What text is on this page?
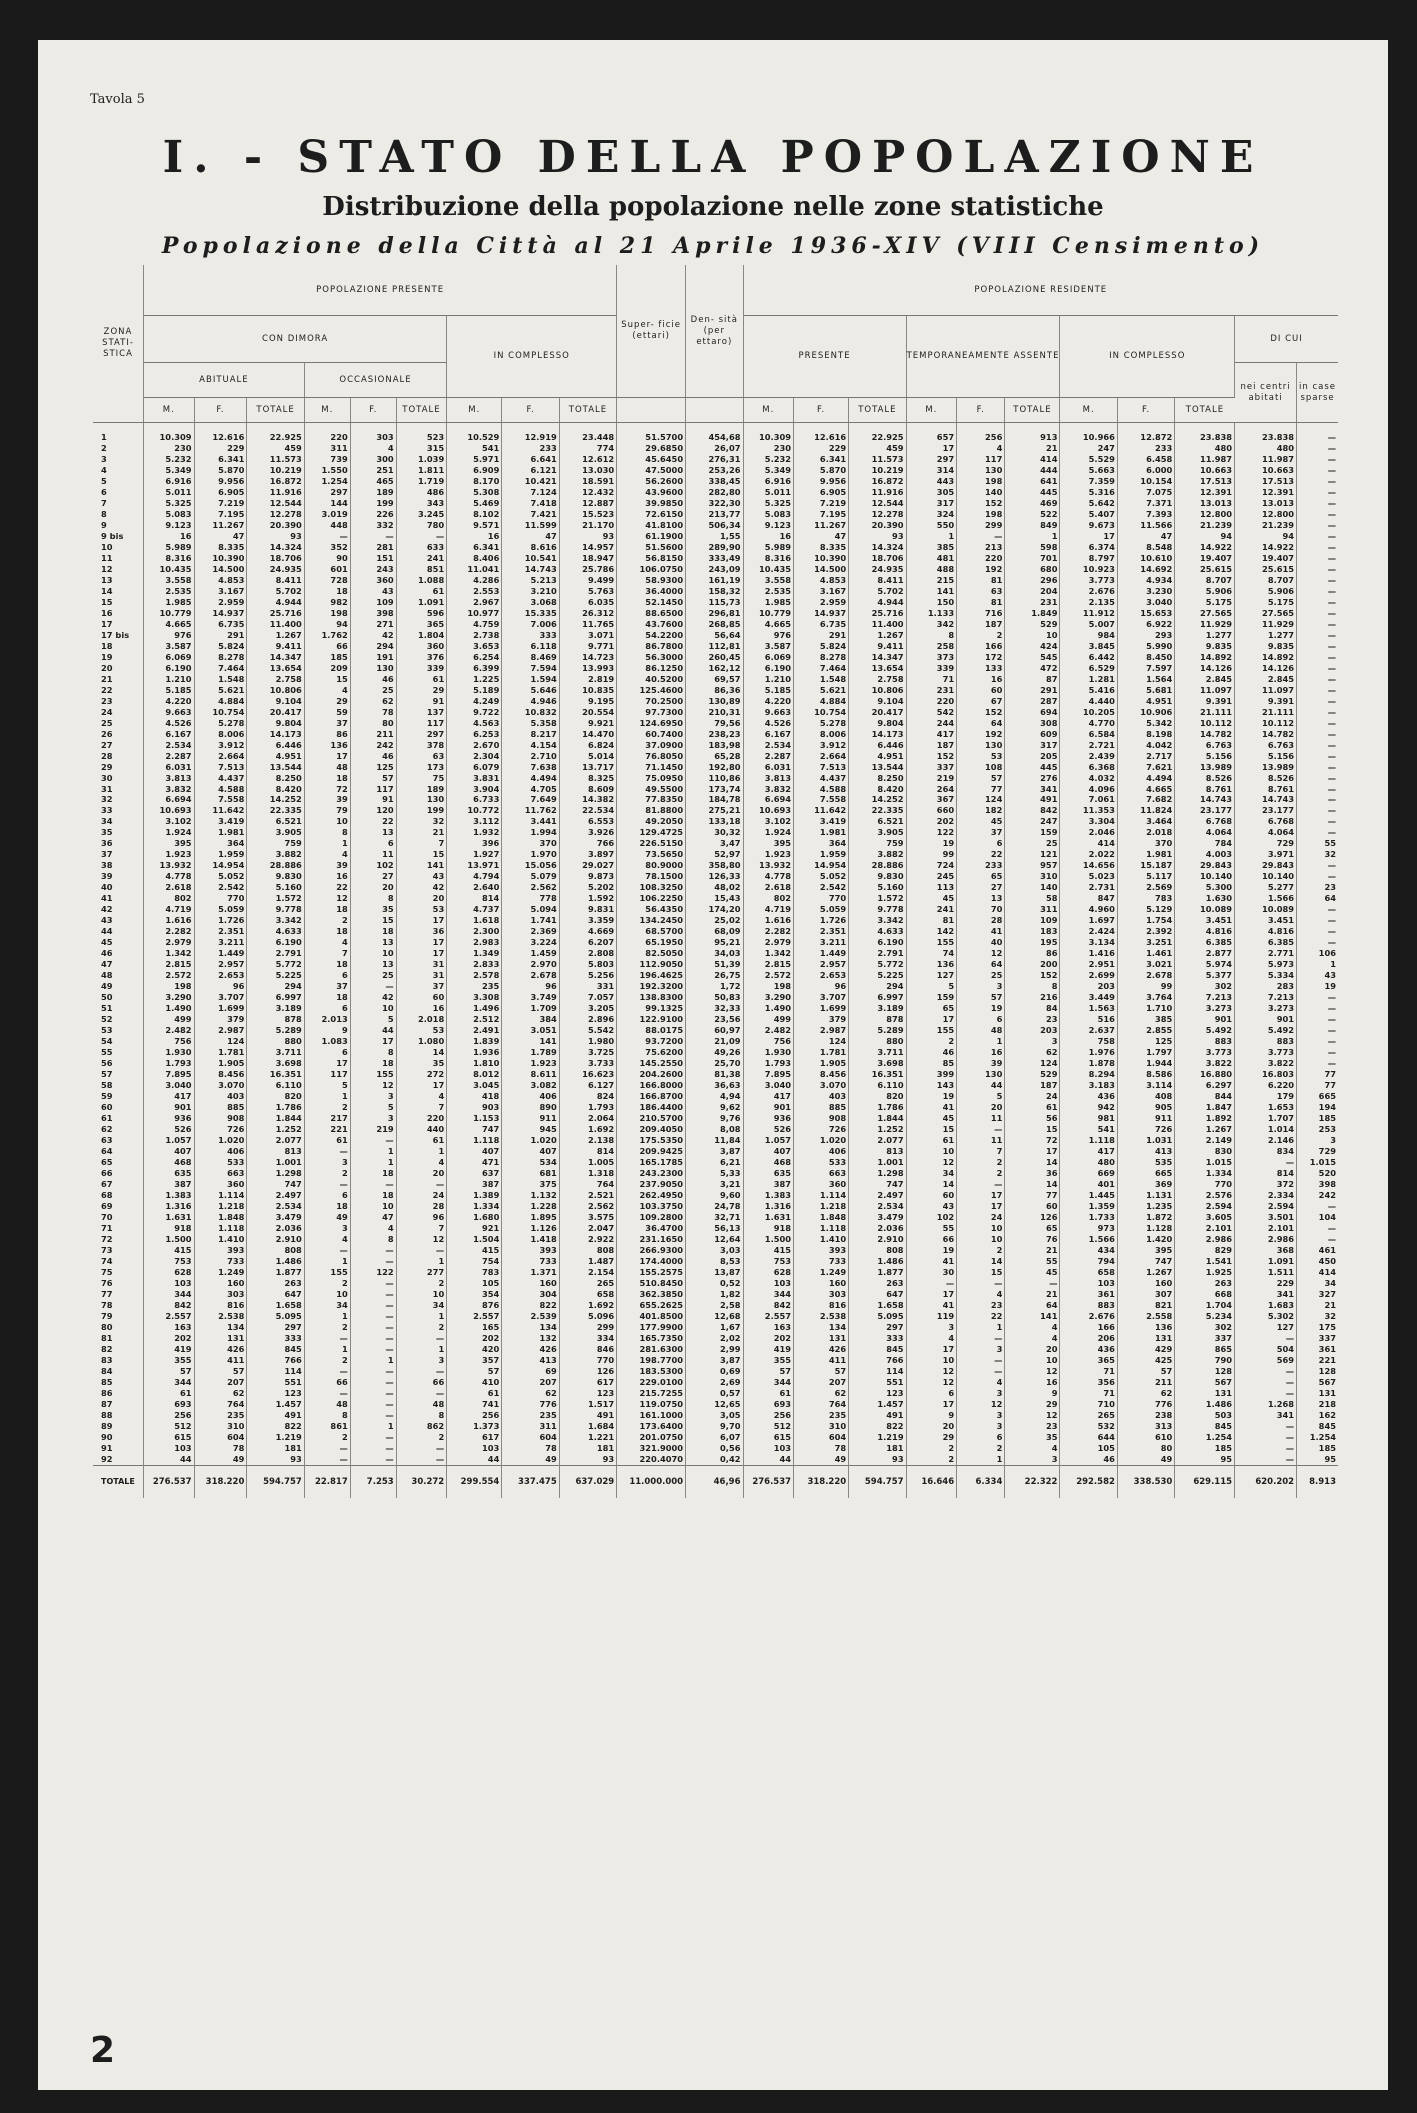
Tavola 5
I. - STATO DELLA POPOLAZIONE
Distribuzione della popolazione nelle zone statistiche
Popolazione della Città al 21 Aprile 1936-XIV (VIII Censimento)
ZONA STATI- STICA	POPOLAZIONE PRESENTE									Super- ficie (ettari)	Den- sità (per ettaro)	POPOLAZIONE RESIDENTE										
	CON DIMORA						IN COMPLESSO					PRESENTE			TEMPORANEAMENTE ASSENTE			IN COMPLESSO			DI CUI	
	ABITUALE			OCCASIONALE																	nei centri abitati	in case sparse
	M.	F.	TOTALE	M.	F.	TOTALE	M.	F.	TOTALE			M.	F.	TOTALE	M.	F.	TOTALE	M.	F.	TOTALE		

1	10.309	12.616	22.925	220	303	523	10.529	12.919	23.448	51.5700	454,68	10.309	12.616	22.925	657	256	913	10.966	12.872	23.838	23.838	—
2	230	229	459	311	4	315	541	233	774	29.6850	26,07	230	229	459	17	4	21	247	233	480	480	—
3	5.232	6.341	11.573	739	300	1.039	5.971	6.641	12.612	45.6450	276,31	5.232	6.341	11.573	297	117	414	5.529	6.458	11.987	11.987	—
4	5.349	5.870	10.219	1.550	251	1.811	6.909	6.121	13.030	47.5000	253,26	5.349	5.870	10.219	314	130	444	5.663	6.000	10.663	10.663	—
5	6.916	9.956	16.872	1.254	465	1.719	8.170	10.421	18.591	56.2600	338,45	6.916	9.956	16.872	443	198	641	7.359	10.154	17.513	17.513	—
6	5.011	6.905	11.916	297	189	486	5.308	7.124	12.432	43.9600	282,80	5.011	6.905	11.916	305	140	445	5.316	7.075	12.391	12.391	—
7	5.325	7.219	12.544	144	199	343	5.469	7.418	12.887	39.9850	322,30	5.325	7.219	12.544	317	152	469	5.642	7.371	13.013	13.013	—
8	5.083	7.195	12.278	3.019	226	3.245	8.102	7.421	15.523	72.6150	213,77	5.083	7.195	12.278	324	198	522	5.407	7.393	12.800	12.800	—
9	9.123	11.267	20.390	448	332	780	9.571	11.599	21.170	41.8100	506,34	9.123	11.267	20.390	550	299	849	9.673	11.566	21.239	21.239	—
9 bis	16	47	93	—	—	—	16	47	93	61.1900	1,55	16	47	93	1	—	1	17	47	94	94	—
10	5.989	8.335	14.324	352	281	633	6.341	8.616	14.957	51.5600	289,90	5.989	8.335	14.324	385	213	598	6.374	8.548	14.922	14.922	—
11	8.316	10.390	18.706	90	151	241	8.406	10.541	18.947	56.8150	333,49	8.316	10.390	18.706	481	220	701	8.797	10.610	19.407	19.407	—
12	10.435	14.500	24.935	601	243	851	11.041	14.743	25.786	106.0750	243,09	10.435	14.500	24.935	488	192	680	10.923	14.692	25.615	25.615	—
13	3.558	4.853	8.411	728	360	1.088	4.286	5.213	9.499	58.9300	161,19	3.558	4.853	8.411	215	81	296	3.773	4.934	8.707	8.707	—
14	2.535	3.167	5.702	18	43	61	2.553	3.210	5.763	36.4000	158,32	2.535	3.167	5.702	141	63	204	2.676	3.230	5.906	5.906	—
15	1.985	2.959	4.944	982	109	1.091	2.967	3.068	6.035	52.1450	115,73	1.985	2.959	4.944	150	81	231	2.135	3.040	5.175	5.175	—
16	10.779	14.937	25.716	198	398	596	10.977	15.335	26.312	88.6500	296,81	10.779	14.937	25.716	1.133	716	1.849	11.912	15.653	27.565	27.565	—
17	4.665	6.735	11.400	94	271	365	4.759	7.006	11.765	43.7600	268,85	4.665	6.735	11.400	342	187	529	5.007	6.922	11.929	11.929	—
17 bis	976	291	1.267	1.762	42	1.804	2.738	333	3.071	54.2200	56,64	976	291	1.267	8	2	10	984	293	1.277	1.277	—
18	3.587	5.824	9.411	66	294	360	3.653	6.118	9.771	86.7800	112,81	3.587	5.824	9.411	258	166	424	3.845	5.990	9.835	9.835	—
19	6.069	8.278	14.347	185	191	376	6.254	8.469	14.723	56.3000	260,45	6.069	8.278	14.347	373	172	545	6.442	8.450	14.892	14.892	—
20	6.190	7.464	13.654	209	130	339	6.399	7.594	13.993	86.1250	162,12	6.190	7.464	13.654	339	133	472	6.529	7.597	14.126	14.126	—
21	1.210	1.548	2.758	15	46	61	1.225	1.594	2.819	40.5200	69,57	1.210	1.548	2.758	71	16	87	1.281	1.564	2.845	2.845	—
22	5.185	5.621	10.806	4	25	29	5.189	5.646	10.835	125.4600	86,36	5.185	5.621	10.806	231	60	291	5.416	5.681	11.097	11.097	—
23	4.220	4.884	9.104	29	62	91	4.249	4.946	9.195	70.2500	130,89	4.220	4.884	9.104	220	67	287	4.440	4.951	9.391	9.391	—
24	9.663	10.754	20.417	59	78	137	9.722	10.832	20.554	97.7300	210,31	9.663	10.754	20.417	542	152	694	10.205	10.906	21.111	21.111	—
25	4.526	5.278	9.804	37	80	117	4.563	5.358	9.921	124.6950	79,56	4.526	5.278	9.804	244	64	308	4.770	5.342	10.112	10.112	—
26	6.167	8.006	14.173	86	211	297	6.253	8.217	14.470	60.7400	238,23	6.167	8.006	14.173	417	192	609	6.584	8.198	14.782	14.782	—
27	2.534	3.912	6.446	136	242	378	2.670	4.154	6.824	37.0900	183,98	2.534	3.912	6.446	187	130	317	2.721	4.042	6.763	6.763	—
28	2.287	2.664	4.951	17	46	63	2.304	2.710	5.014	76.8050	65,28	2.287	2.664	4.951	152	53	205	2.439	2.717	5.156	5.156	—
29	6.031	7.513	13.544	48	125	173	6.079	7.638	13.717	71.1450	192,80	6.031	7.513	13.544	337	108	445	6.368	7.621	13.989	13.989	—
30	3.813	4.437	8.250	18	57	75	3.831	4.494	8.325	75.0950	110,86	3.813	4.437	8.250	219	57	276	4.032	4.494	8.526	8.526	—
31	3.832	4.588	8.420	72	117	189	3.904	4.705	8.609	49.5500	173,74	3.832	4.588	8.420	264	77	341	4.096	4.665	8.761	8.761	—
32	6.694	7.558	14.252	39	91	130	6.733	7.649	14.382	77.8350	184,78	6.694	7.558	14.252	367	124	491	7.061	7.682	14.743	14.743	—
33	10.693	11.642	22.335	79	120	199	10.772	11.762	22.534	81.8800	275,21	10.693	11.642	22.335	660	182	842	11.353	11.824	23.177	23.177	—
34	3.102	3.419	6.521	10	22	32	3.112	3.441	6.553	49.2050	133,18	3.102	3.419	6.521	202	45	247	3.304	3.464	6.768	6.768	—
35	1.924	1.981	3.905	8	13	21	1.932	1.994	3.926	129.4725	30,32	1.924	1.981	3.905	122	37	159	2.046	2.018	4.064	4.064	—
36	395	364	759	1	6	7	396	370	766	226.5150	3,47	395	364	759	19	6	25	414	370	784	729	55
37	1.923	1.959	3.882	4	11	15	1.927	1.970	3.897	73.5650	52,97	1.923	1.959	3.882	99	22	121	2.022	1.981	4.003	3.971	32
38	13.932	14.954	28.886	39	102	141	13.971	15.056	29.027	80.9000	358,80	13.932	14.954	28.886	724	233	957	14.656	15.187	29.843	29.843	—
39	4.778	5.052	9.830	16	27	43	4.794	5.079	9.873	78.1500	126,33	4.778	5.052	9.830	245	65	310	5.023	5.117	10.140	10.140	—
40	2.618	2.542	5.160	22	20	42	2.640	2.562	5.202	108.3250	48,02	2.618	2.542	5.160	113	27	140	2.731	2.569	5.300	5.277	23
41	802	770	1.572	12	8	20	814	778	1.592	106.2250	15,43	802	770	1.572	45	13	58	847	783	1.630	1.566	64
42	4.719	5.059	9.778	18	35	53	4.737	5.094	9.831	56.4350	174,20	4.719	5.059	9.778	241	70	311	4.960	5.129	10.089	10.089	—
43	1.616	1.726	3.342	2	15	17	1.618	1.741	3.359	134.2450	25,02	1.616	1.726	3.342	81	28	109	1.697	1.754	3.451	3.451	—
44	2.282	2.351	4.633	18	18	36	2.300	2.369	4.669	68.5700	68,09	2.282	2.351	4.633	142	41	183	2.424	2.392	4.816	4.816	—
45	2.979	3.211	6.190	4	13	17	2.983	3.224	6.207	65.1950	95,21	2.979	3.211	6.190	155	40	195	3.134	3.251	6.385	6.385	—
46	1.342	1.449	2.791	7	10	17	1.349	1.459	2.808	82.5050	34,03	1.342	1.449	2.791	74	12	86	1.416	1.461	2.877	2.771	106
47	2.815	2.957	5.772	18	13	31	2.833	2.970	5.803	112.9050	51,39	2.815	2.957	5.772	136	64	200	2.951	3.021	5.974	5.973	1
48	2.572	2.653	5.225	6	25	31	2.578	2.678	5.256	196.4625	26,75	2.572	2.653	5.225	127	25	152	2.699	2.678	5.377	5.334	43
49	198	96	294	37	—	37	235	96	331	192.3200	1,72	198	96	294	5	3	8	203	99	302	283	19
50	3.290	3.707	6.997	18	42	60	3.308	3.749	7.057	138.8300	50,83	3.290	3.707	6.997	159	57	216	3.449	3.764	7.213	7.213	—
51	1.490	1.699	3.189	6	10	16	1.496	1.709	3.205	99.1325	32,33	1.490	1.699	3.189	65	19	84	1.563	1.710	3.273	3.273	—
52	499	379	878	2.013	5	2.018	2.512	384	2.896	122.9100	23,56	499	379	878	17	6	23	516	385	901	901	—
53	2.482	2.987	5.289	9	44	53	2.491	3.051	5.542	88.0175	60,97	2.482	2.987	5.289	155	48	203	2.637	2.855	5.492	5.492	—
54	756	124	880	1.083	17	1.080	1.839	141	1.980	93.7200	21,09	756	124	880	2	1	3	758	125	883	883	—
55	1.930	1.781	3.711	6	8	14	1.936	1.789	3.725	75.6200	49,26	1.930	1.781	3.711	46	16	62	1.976	1.797	3.773	3.773	—
56	1.793	1.905	3.698	17	18	35	1.810	1.923	3.733	145.2550	25,70	1.793	1.905	3.698	85	39	124	1.878	1.944	3.822	3.822	—
57	7.895	8.456	16.351	117	155	272	8.012	8.611	16.623	204.2600	81,38	7.895	8.456	16.351	399	130	529	8.294	8.586	16.880	16.803	77
58	3.040	3.070	6.110	5	12	17	3.045	3.082	6.127	166.8000	36,63	3.040	3.070	6.110	143	44	187	3.183	3.114	6.297	6.220	77
59	417	403	820	1	3	4	418	406	824	166.8700	4,94	417	403	820	19	5	24	436	408	844	179	665
60	901	885	1.786	2	5	7	903	890	1.793	186.4400	9,62	901	885	1.786	41	20	61	942	905	1.847	1.653	194
61	936	908	1.844	217	3	220	1.153	911	2.064	210.5700	9,76	936	908	1.844	45	11	56	981	911	1.892	1.707	185
62	526	726	1.252	221	219	440	747	945	1.692	209.4050	8,08	526	726	1.252	15	—	15	541	726	1.267	1.014	253
63	1.057	1.020	2.077	61	—	61	1.118	1.020	2.138	175.5350	11,84	1.057	1.020	2.077	61	11	72	1.118	1.031	2.149	2.146	3
64	407	406	813	—	1	1	407	407	814	209.9425	3,87	407	406	813	10	7	17	417	413	830	834	729
65	468	533	1.001	3	1	4	471	534	1.005	165.1785	6,21	468	533	1.001	12	2	14	480	535	1.015	—	1.015
66	635	663	1.298	2	18	20	637	681	1.318	243.2300	5,33	635	663	1.298	34	2	36	669	665	1.334	814	520
67	387	360	747	—	—	—	387	375	764	237.9050	3,21	387	360	747	14	—	14	401	369	770	372	398
68	1.383	1.114	2.497	6	18	24	1.389	1.132	2.521	262.4950	9,60	1.383	1.114	2.497	60	17	77	1.445	1.131	2.576	2.334	242
69	1.316	1.218	2.534	18	10	28	1.334	1.228	2.562	103.3750	24,78	1.316	1.218	2.534	43	17	60	1.359	1.235	2.594	2.594	—
70	1.631	1.848	3.479	49	47	96	1.680	1.895	3.575	109.2800	32,71	1.631	1.848	3.479	102	24	126	1.733	1.872	3.605	3.501	104
71	918	1.118	2.036	3	4	7	921	1.126	2.047	36.4700	56,13	918	1.118	2.036	55	10	65	973	1.128	2.101	2.101	—
72	1.500	1.410	2.910	4	8	12	1.504	1.418	2.922	231.1650	12,64	1.500	1.410	2.910	66	10	76	1.566	1.420	2.986	2.986	—
73	415	393	808	—	—	—	415	393	808	266.9300	3,03	415	393	808	19	2	21	434	395	829	368	461
74	753	733	1.486	1	—	1	754	733	1.487	174.4000	8,53	753	733	1.486	41	14	55	794	747	1.541	1.091	450
75	628	1.249	1.877	155	122	277	783	1.371	2.154	155.2575	13,87	628	1.249	1.877	30	15	45	658	1.267	1.925	1.511	414
76	103	160	263	2	—	2	105	160	265	510.8450	0,52	103	160	263	—	—	—	103	160	263	229	34
77	344	303	647	10	—	10	354	304	658	362.3850	1,82	344	303	647	17	4	21	361	307	668	341	327
78	842	816	1.658	34	—	34	876	822	1.692	655.2625	2,58	842	816	1.658	41	23	64	883	821	1.704	1.683	21
79	2.557	2.538	5.095	1	—	1	2.557	2.539	5.096	401.8500	12,68	2.557	2.538	5.095	119	22	141	2.676	2.558	5.234	5.302	32
80	163	134	297	2	—	2	165	134	299	177.9900	1,67	163	134	297	3	1	4	166	136	302	127	175
81	202	131	333	—	—	—	202	132	334	165.7350	2,02	202	131	333	4	—	4	206	131	337	—	337
82	419	426	845	1	—	1	420	426	846	281.6300	2,99	419	426	845	17	3	20	436	429	865	504	361
83	355	411	766	2	1	3	357	413	770	198.7700	3,87	355	411	766	10	—	10	365	425	790	569	221
84	57	57	114	—	—	—	57	69	126	183.5300	0,69	57	57	114	12	—	12	71	57	128	—	128
85	344	207	551	66	—	66	410	207	617	229.0100	2,69	344	207	551	12	4	16	356	211	567	—	567
86	61	62	123	—	—	—	61	62	123	215.7255	0,57	61	62	123	6	3	9	71	62	131	—	131
87	693	764	1.457	48	—	48	741	776	1.517	119.0750	12,65	693	764	1.457	17	12	29	710	776	1.486	1.268	218
88	256	235	491	8	—	8	256	235	491	161.1000	3,05	256	235	491	9	3	12	265	238	503	341	162
89	512	310	822	861	1	862	1.373	311	1.684	173.6400	9,70	512	310	822	20	3	23	532	313	845	—	845
90	615	604	1.219	2	—	2	617	604	1.221	201.0750	6,07	615	604	1.219	29	6	35	644	610	1.254	—	1.254
91	103	78	181	—	—	—	103	78	181	321.9000	0,56	103	78	181	2	2	4	105	80	185	—	185
92	44	49	93	—	—	—	44	49	93	220.4070	0,42	44	49	93	2	1	3	46	49	95	—	95
TOTALE	276.537	318.220	594.757	22.817	7.253	30.272	299.554	337.475	637.029	11.000.000	46,96	276.537	318.220	594.757	16.646	6.334	22.322	292.582	338.530	629.115	620.202	8.913
2
